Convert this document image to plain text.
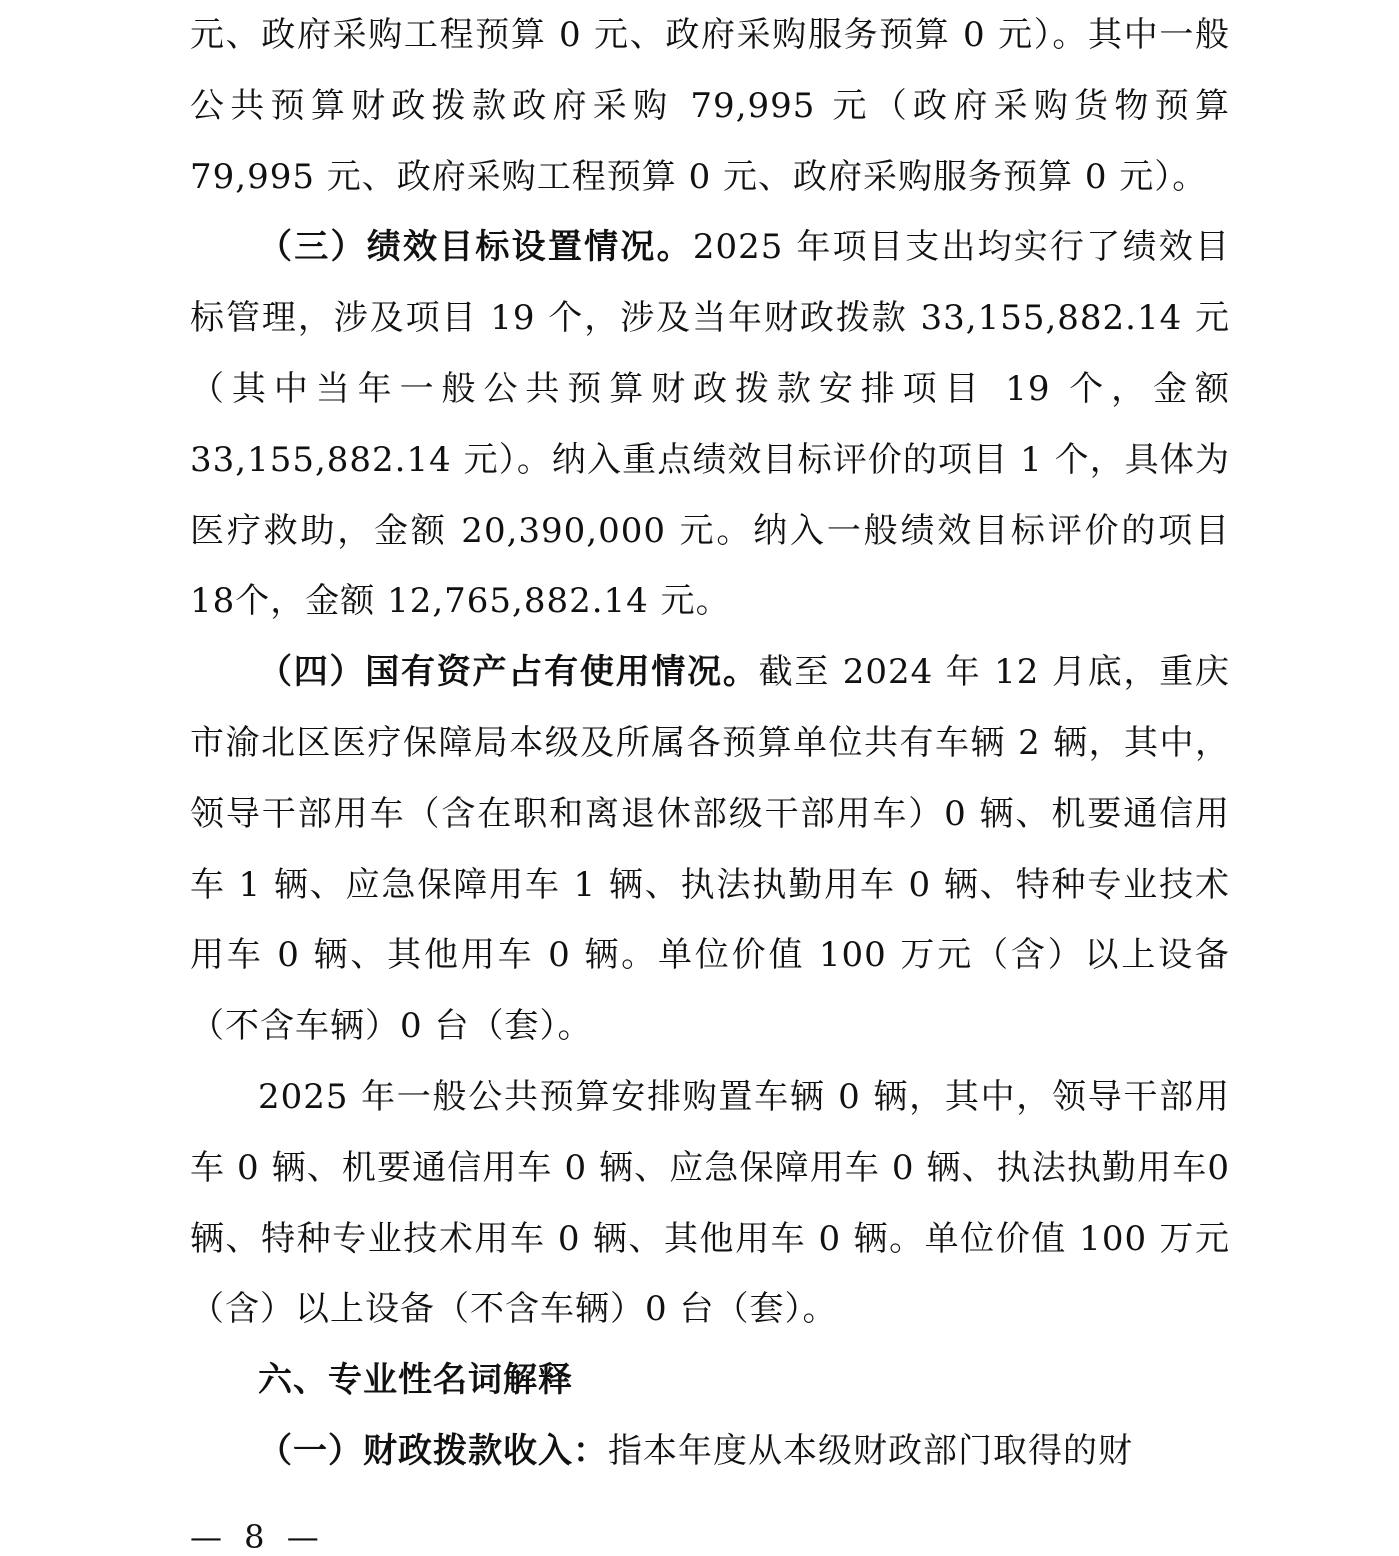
元、政府采购工程预算 0 元、政府采购服务预算 0 元）。其中一般公共预算财政拨款政府采购 79,995 元（政府采购货物预算79,995 元、政府采购工程预算 0 元、政府采购服务预算 0 元）。

（三）绩效目标设置情况。2025 年项目支出均实行了绩效目标管理，涉及项目 19 个，涉及当年财政拨款 33,155,882.14 元（其中当年一般公共预算财政拨款安排项目 19 个，金额33,155,882.14 元）。纳入重点绩效目标评价的项目 1 个，具体为医疗救助，金额 20,390,000 元。纳入一般绩效目标评价的项目 18个，金额 12,765,882.14 元。

（四）国有资产占有使用情况。截至 2024 年 12 月底，重庆市渝北区医疗保障局本级及所属各预算单位共有车辆 2 辆，其中，领导干部用车（含在职和离退休部级干部用车）0 辆、机要通信用车 1 辆、应急保障用车 1 辆、执法执勤用车 0 辆、特种专业技术用车 0 辆、其他用车 0 辆。单位价值 100 万元（含）以上设备（不含车辆）0 台（套）。

2025 年一般公共预算安排购置车辆 0 辆，其中，领导干部用车 0 辆、机要通信用车 0 辆、应急保障用车 0 辆、执法执勤用车0 辆、特种专业技术用车 0 辆、其他用车 0 辆。单位价值 100 万元（含）以上设备（不含车辆）0 台（套）。

六、专业性名词解释

（一）财政拨款收入：指本年度从本级财政部门取得的财

— 8 —
